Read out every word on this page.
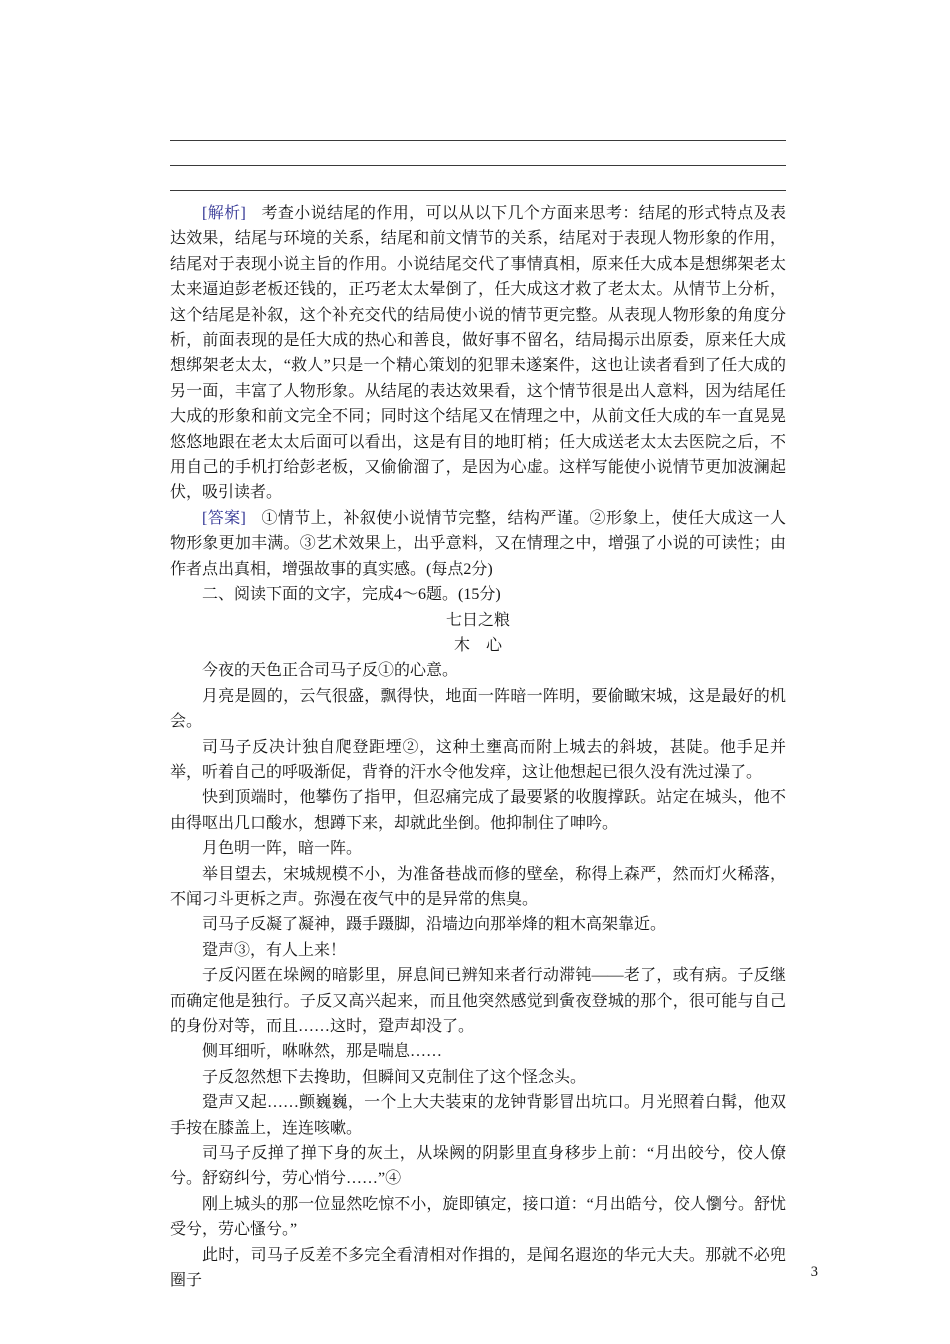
[解析] 考查小说结尾的作用，可以从以下几个方面来思考：结尾的形式特点及表达效果，结尾与环境的关系，结尾和前文情节的关系，结尾对于表现人物形象的作用，结尾对于表现小说主旨的作用。小说结尾交代了事情真相，原来任大成本是想绑架老太太来逼迫彭老板还钱的，正巧老太太晕倒了，任大成这才救了老太太。从情节上分析，这个结尾是补叙，这个补充交代的结局使小说的情节更完整。从表现人物形象的角度分析，前面表现的是任大成的热心和善良，做好事不留名，结局揭示出原委，原来任大成想绑架老太太，“救人”只是一个精心策划的犯罪未遂案件，这也让读者看到了任大成的另一面，丰富了人物形象。从结尾的表达效果看，这个情节很是出人意料，因为结尾任大成的形象和前文完全不同；同时这个结尾又在情理之中，从前文任大成的车一直晃晃悠悠地跟在老太太后面可以看出，这是有目的地盯梢；任大成送老太太去医院之后，不用自己的手机打给彭老板，又偷偷溜了，是因为心虚。这样写能使小说情节更加波澜起伏，吸引读者。

[答案] ①情节上，补叙使小说情节完整，结构严谨。②形象上，使任大成这一人物形象更加丰满。③艺术效果上，出乎意料，又在情理之中，增强了小说的可读性；由作者点出真相，增强故事的真实感。(每点2分)

二、阅读下面的文字，完成4～6题。(15分)

七日之粮

木　心

今夜的天色正合司马子反①的心意。

月亮是圆的，云气很盛，飘得快，地面一阵暗一阵明，要偷瞰宋城，这是最好的机会。

司马子反决计独自爬登距堙②，这种土壅高而附上城去的斜坡，甚陡。他手足并举，听着自己的呼吸渐促，背脊的汗水令他发痒，这让他想起已很久没有洗过澡了。

快到顶端时，他攀伤了指甲，但忍痛完成了最要紧的收腹撑跃。站定在城头，他不由得呕出几口酸水，想蹲下来，却就此坐倒。他抑制住了呻吟。

月色明一阵，暗一阵。

举目望去，宋城规模不小，为准备巷战而修的壁垒，称得上森严，然而灯火稀落，不闻刁斗更柝之声。弥漫在夜气中的是异常的焦臭。

司马子反凝了凝神，蹑手蹑脚，沿墙边向那举烽的粗木高架靠近。

跫声③，有人上来！

子反闪匿在垛阙的暗影里，屏息间已辨知来者行动滞钝——老了，或有病。子反继而确定他是独行。子反又高兴起来，而且他突然感觉到夤夜登城的那个，很可能与自己的身份对等，而且……这时，跫声却没了。

侧耳细听，咻咻然，那是喘息……

子反忽然想下去搀助，但瞬间又克制住了这个怪念头。

跫声又起……颤巍巍，一个上大夫装束的龙钟背影冒出坑口。月光照着白髯，他双手按在膝盖上，连连咳嗽。

司马子反掸了掸下身的灰土，从垛阙的阴影里直身移步上前：“月出皎兮，佼人僚兮。舒窈纠兮，劳心悄兮……”④

刚上城头的那一位显然吃惊不小，旋即镇定，接口道：“月出皓兮，佼人懰兮。舒忧受兮，劳心慅兮。”

此时，司马子反差不多完全看清相对作揖的，是闻名遐迩的华元大夫。那就不必兜圈子

3
